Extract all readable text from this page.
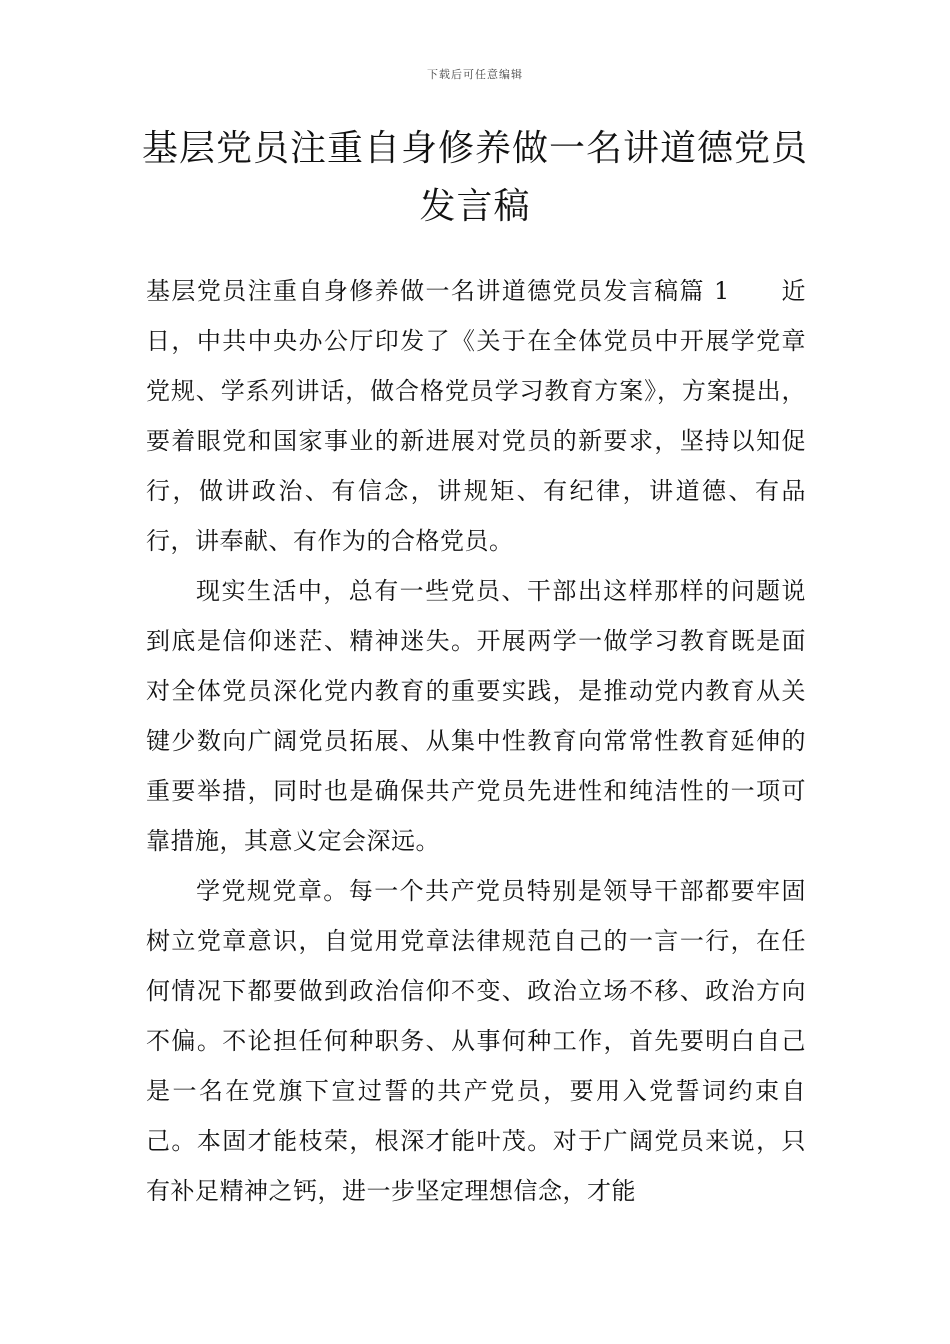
下载后可任意编辑
基层党员注重自身修养做一名讲道德党员发言稿

基层党员注重自身修养做一名讲道德党员发言稿篇 1　　近日，中共中央办公厅印发了《关于在全体党员中开展学党章党规、学系列讲话，做合格党员学习教育方案》，方案提出，要着眼党和国家事业的新进展对党员的新要求，坚持以知促行，做讲政治、有信念，讲规矩、有纪律，讲道德、有品行，讲奉献、有作为的合格党员。

现实生活中，总有一些党员、干部出这样那样的问题说到底是信仰迷茫、精神迷失。开展两学一做学习教育既是面对全体党员深化党内教育的重要实践，是推动党内教育从关键少数向广阔党员拓展、从集中性教育向常常性教育延伸的重要举措，同时也是确保共产党员先进性和纯洁性的一项可靠措施，其意义定会深远。

学党规党章。每一个共产党员特别是领导干部都要牢固树立党章意识，自觉用党章法律规范自己的一言一行，在任何情况下都要做到政治信仰不变、政治立场不移、政治方向不偏。不论担任何种职务、从事何种工作，首先要明白自己是一名在党旗下宣过誓的共产党员，要用入党誓词约束自己。本固才能枝荣，根深才能叶茂。对于广阔党员来说，只有补足精神之钙，进一步坚定理想信念，才能
